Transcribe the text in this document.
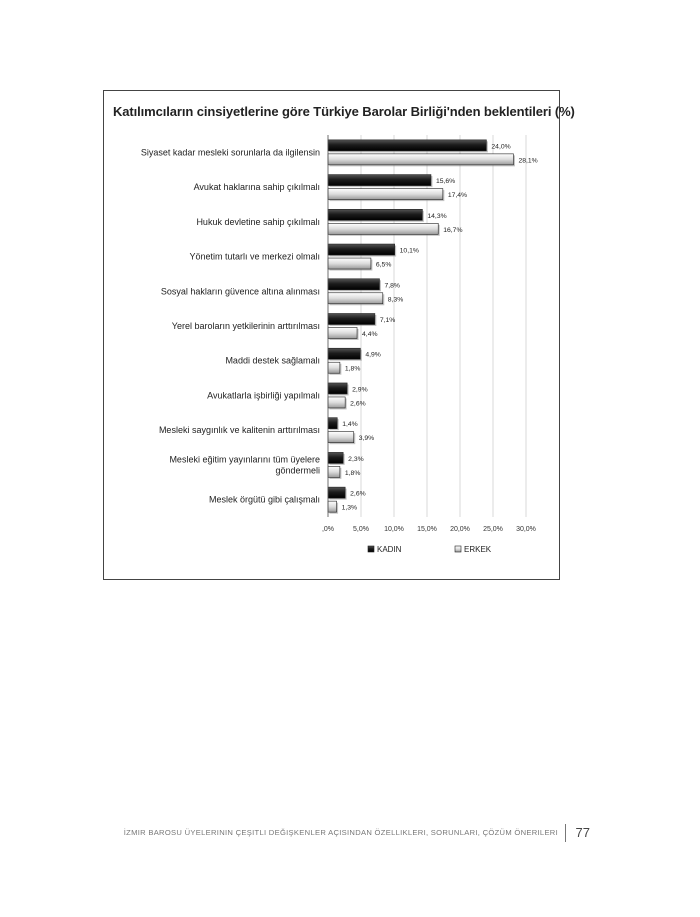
Katılımcıların cinsiyetlerine göre Türkiye Barolar Birliği'nden beklentileri (%)
Siyaset kadar mesleki sorunlarla da ilgilensin
Avukat haklarına sahip çıkılmalı
Hukuk devletine sahip çıkılmalı
Yönetim tutarlı ve merkezi olmalı
Sosyal hakların güvence altına alınması
Yerel baroların yetkilerinin arttırılması
Maddi destek sağlamalı
Avukatlarla işbirliği yapılmalı
Mesleki saygınlık ve kalitenin arttırılması
Mesleki eğitim yayınlarını tüm üyelere göndermeli
Meslek örgütü gibi çalışmalı
24,0%
15,6%
14,3%
10,1%
7,8%
7,1%
4,9%
2,9%
1,4%
2,3%
2,6%
28,1%
17,4%
16,7%
6,5%
8,3%
4,4%
1,8%
2,6%
3,9%
1,8%
1,3%
,0%	5,0% 10,0% 15,0% 20,0% 25,0% 30,0%
KADIN	ERKEK
İZMIR BAROSU ÜYELERININ ÇEŞITLI DEĞIŞKENLER AÇISINDAN ÖZELLIKLERI, SORUNLARI, ÇÖZÜM ÖNERILERI 77
